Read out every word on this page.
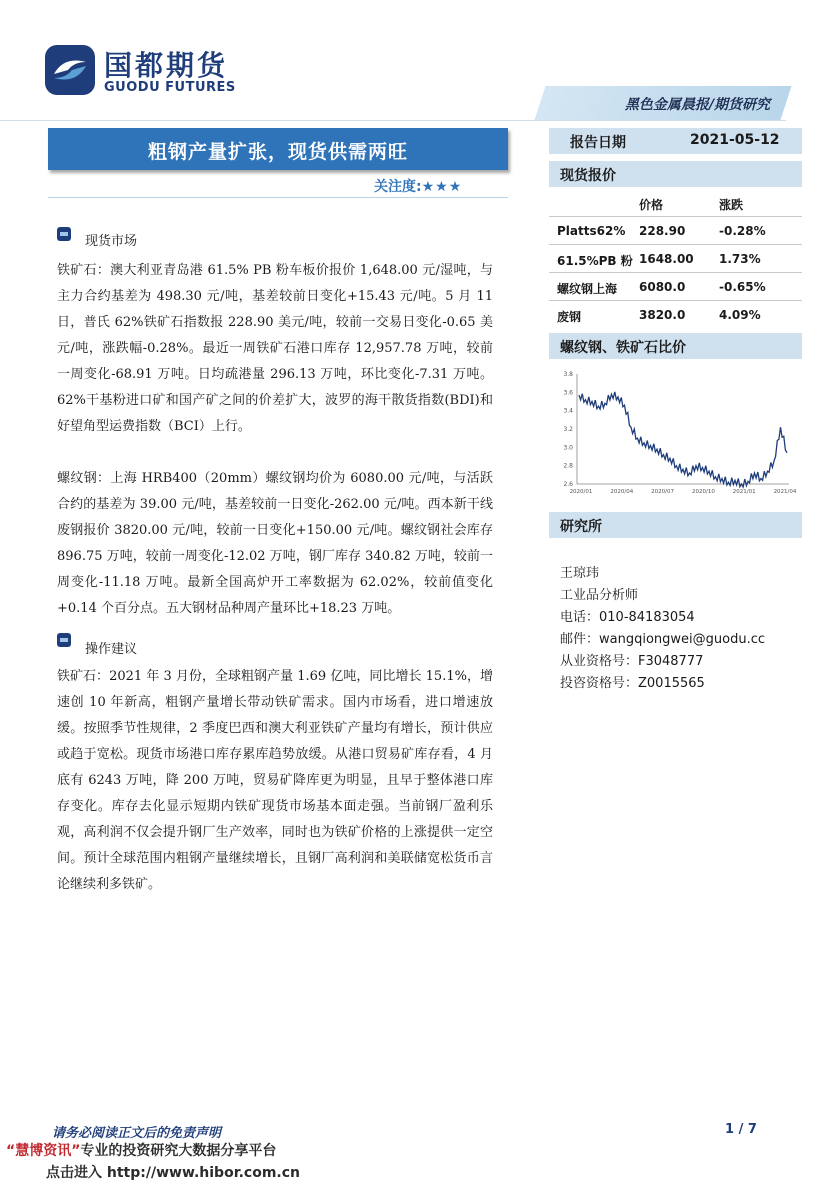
国都期货
GUODU FUTURES
黑色金属晨报/期货研究
粗钢产量扩张，现货供需两旺
关注度:★★★
报告日期	2021-05-12
现货报价
价格	涨跌
Platts62% 228.90	-0.28%
61.5%PB 粉 1648.00 1.73%
螺纹钢上海 6080.0	-0.65%
废钢	3820.0	4.09%
螺纹钢、铁矿石比价
2.6
2.8
3.0
3.2
3.4
3.6
3.8
2020/01	2020/04	2020/07	2020/10	2021/01	2021/04
研究所
王琼玮
工业品分析师
电话：010-84183054
邮件：wangqiongwei@guodu.cc
从业资格号：F3048777
投咨资格号：Z0015565
现货市场
铁矿石：澳大利亚青岛港 61.5% PB 粉车板价报价 1,648.00 元/湿吨，与主力合约基差为 498.30 元/吨，基差较前日变化+15.43 元/吨。5 月 11 日，普氏 62%铁矿石指数报 228.90 美元/吨，较前一交易日变化-0.65 美元/吨，涨跌幅-0.28%。最近一周铁矿石港口库存 12,957.78 万吨，较前一周变化-68.91 万吨。日均疏港量 296.13 万吨，环比变化-7.31 万吨。62%干基粉进口矿和国产矿之间的价差扩大，波罗的海干散货指数(BDI)和好望角型运费指数（BCI）上行。
螺纹钢：上海 HRB400（20mm）螺纹钢均价为 6080.00 元/吨，与活跃合约的基差为 39.00 元/吨，基差较前一日变化-262.00 元/吨。西本新干线废钢报价 3820.00 元/吨，较前一日变化+150.00 元/吨。螺纹钢社会库存 896.75 万吨，较前一周变化-12.02 万吨，钢厂库存 340.82 万吨，较前一周变化-11.18 万吨。最新全国高炉开工率数据为 62.02%，较前值变化+0.14 个百分点。五大钢材品种周产量环比+18.23 万吨。
操作建议
铁矿石：2021 年 3 月份，全球粗钢产量 1.69 亿吨，同比增长 15.1%，增速创 10 年新高，粗钢产量增长带动铁矿需求。国内市场看，进口增速放缓。按照季节性规律，2 季度巴西和澳大利亚铁矿产量均有增长，预计供应或趋于宽松。现货市场港口库存累库趋势放缓。从港口贸易矿库存看，4 月底有 6243 万吨，降 200 万吨，贸易矿降库更为明显，且早于整体港口库存变化。库存去化显示短期内铁矿现货市场基本面走强。当前钢厂盈利乐观，高利润不仅会提升钢厂生产效率，同时也为铁矿价格的上涨提供一定空间。预计全球范围内粗钢产量继续增长，且钢厂高利润和美联储宽松货币言论继续利多铁矿。
请务必阅读正文后的免责声明	1 / 7
“慧博资讯”专业的投资研究大数据分享平台
点击进入 http://www.hibor.com.cn
